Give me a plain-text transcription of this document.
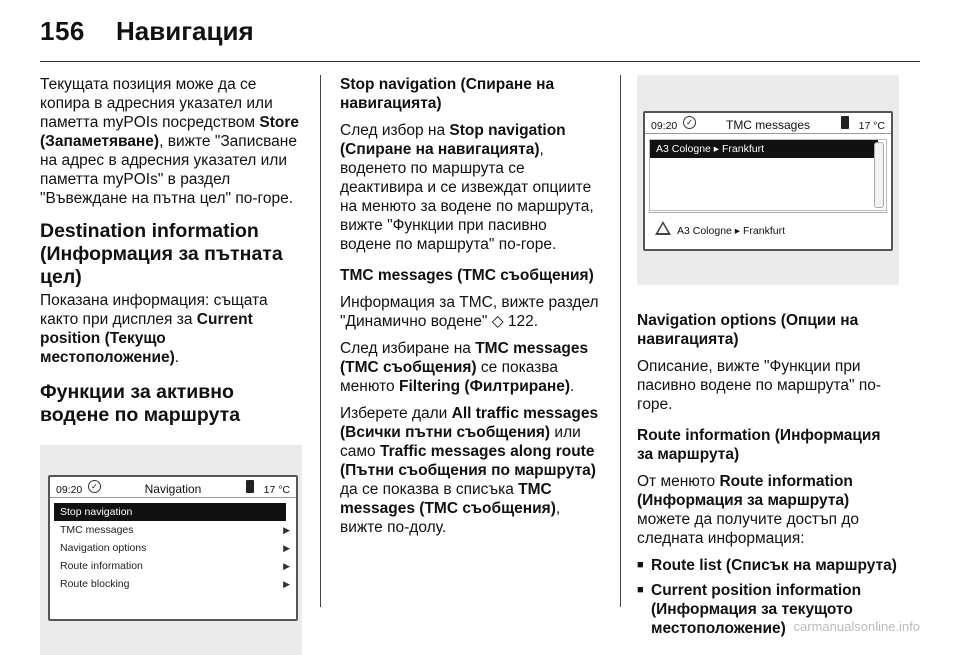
156 Навигация

Текущата позиция може да се копира в адресния указател или паметта myPOIs посредством Store (Запаметяване), вижте "Записване на адрес в адресния указател или паметта myPOIs" в раздел "Въвеждане на пътна цел" по-горе.

Destination information (Информация за пътната цел)

Показана информация: същата както при дисплея за Current position (Текущо местоположение).

Функции за активно водене по маршрута
09:20	✓	Navigation	17 °C
Stop navigation
TMC messages	▶
Navigation options	▶
Route information	▶
Route blocking	▶

Stop navigation (Спиране на навигацията)

След избор на Stop navigation (Спиране на навигацията), воденето по маршрута се деактивира и се извеждат опциите на менюто за водене по маршрута, вижте "Функции при пасивно водене по маршрута" по-горе.

TMC messages (TMC съобщения)

Информация за TMC, вижте раздел "Динамично водене" ◇ 122.

След избиране на TMC messages (TMC съобщения) се показва менюто Filtering (Филтриране).

Изберете дали All traffic messages (Всички пътни съобщения) или само Traffic messages along route (Пътни съобщения по маршрута) да се показва в списъка TMC messages (TMC съобщения), вижте по-долу.

09:20	✓	TMC messages	17 °C
A3 Cologne ▸ Frankfurt
A3 Cologne ▸ Frankfurt

Navigation options (Опции на навигацията)

Описание, вижте "Функции при пасивно водене по маршрута" по-горе.

Route information (Информация за маршрута)

От менюто Route information (Информация за маршрута) можете да получите достъп до следната информация:

■ Route list (Списък на маршрута)
■ Current position information (Информация за текущото местоположение) carmanualsonline.info
